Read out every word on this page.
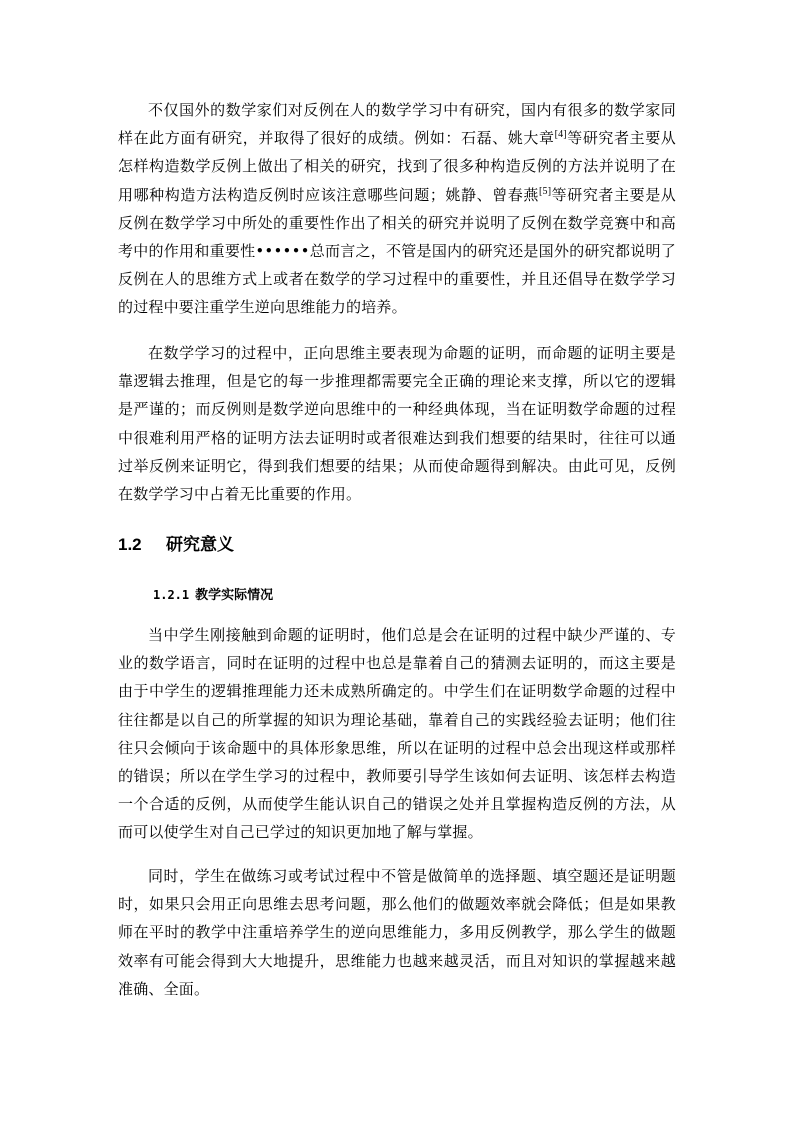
不仅国外的数学家们对反例在人的数学学习中有研究，国内有很多的数学家同样在此方面有研究，并取得了很好的成绩。例如：石磊、姚大章[4]等研究者主要从怎样构造数学反例上做出了相关的研究，找到了很多种构造反例的方法并说明了在用哪种构造方法构造反例时应该注意哪些问题；姚静、曾春燕[5]等研究者主要是从反例在数学学习中所处的重要性作出了相关的研究并说明了反例在数学竞赛中和高考中的作用和重要性••••••总而言之，不管是国内的研究还是国外的研究都说明了反例在人的思维方式上或者在数学的学习过程中的重要性，并且还倡导在数学学习的过程中要注重学生逆向思维能力的培养。

在数学学习的过程中，正向思维主要表现为命题的证明，而命题的证明主要是靠逻辑去推理，但是它的每一步推理都需要完全正确的理论来支撑，所以它的逻辑是严谨的；而反例则是数学逆向思维中的一种经典体现，当在证明数学命题的过程中很难利用严格的证明方法去证明时或者很难达到我们想要的结果时，往往可以通过举反例来证明它，得到我们想要的结果；从而使命题得到解决。由此可见，反例在数学学习中占着无比重要的作用。

1.2 研究意义
1.2.1 教学实际情况

当中学生刚接触到命题的证明时，他们总是会在证明的过程中缺少严谨的、专业的数学语言，同时在证明的过程中也总是靠着自己的猜测去证明的，而这主要是由于中学生的逻辑推理能力还未成熟所确定的。中学生们在证明数学命题的过程中往往都是以自己的所掌握的知识为理论基础，靠着自己的实践经验去证明；他们往往只会倾向于该命题中的具体形象思维，所以在证明的过程中总会出现这样或那样的错误；所以在学生学习的过程中，教师要引导学生该如何去证明、该怎样去构造一个合适的反例，从而使学生能认识自己的错误之处并且掌握构造反例的方法，从而可以使学生对自己已学过的知识更加地了解与掌握。

同时，学生在做练习或考试过程中不管是做简单的选择题、填空题还是证明题时，如果只会用正向思维去思考问题，那么他们的做题效率就会降低；但是如果教师在平时的教学中注重培养学生的逆向思维能力，多用反例教学，那么学生的做题效率有可能会得到大大地提升，思维能力也越来越灵活，而且对知识的掌握越来越准确、全面。
